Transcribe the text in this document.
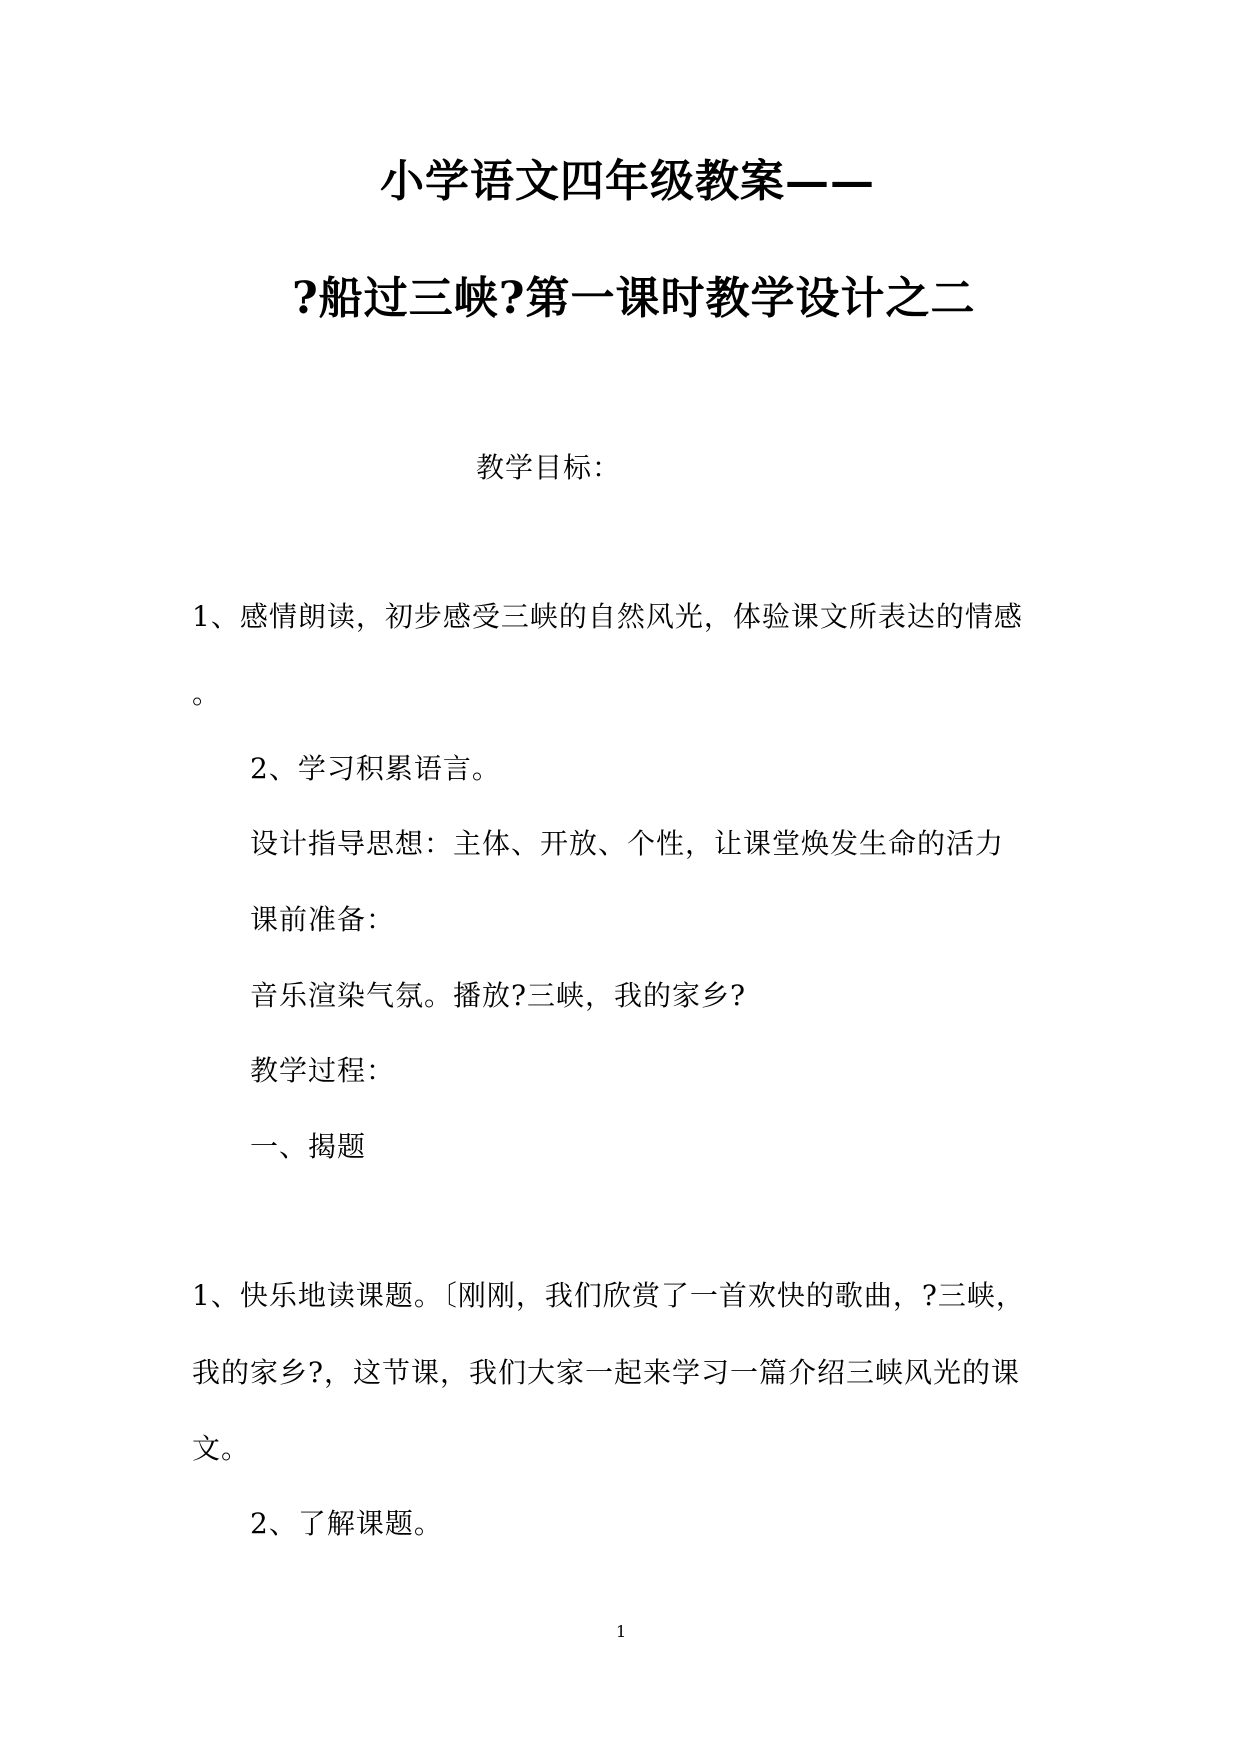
小学语文四年级教案——
?船过三峡?第一课时教学设计之二
教学目标：
1、感情朗读，初步感受三峡的自然风光，体验课文所表达的情感
。
2、学习积累语言。
设计指导思想：主体、开放、个性，让课堂焕发生命的活力
课前准备：
音乐渲染气氛。播放?三峡，我的家乡?
教学过程：
一、揭题
1、快乐地读课题。〔刚刚，我们欣赏了一首欢快的歌曲，?三峡，
我的家乡?，这节课，我们大家一起来学习一篇介绍三峡风光的课
文。
2、了解课题。
1
